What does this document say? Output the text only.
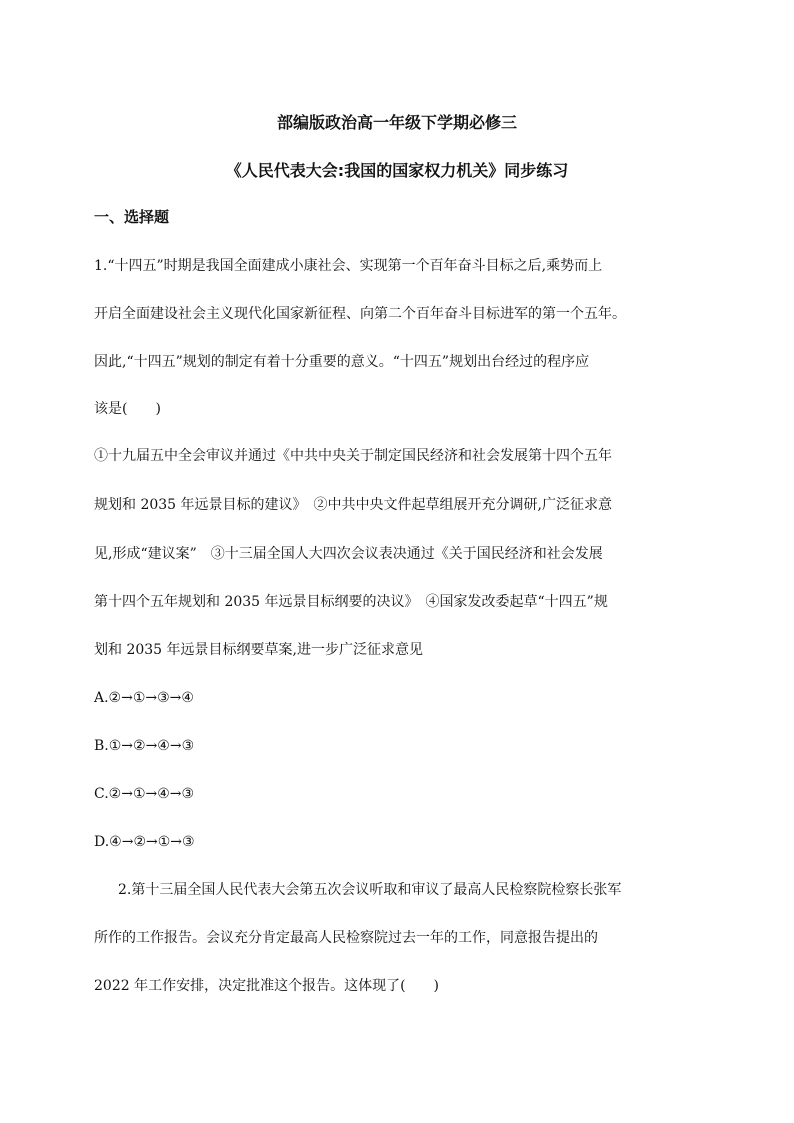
部编版政治高一年级下学期必修三
《人民代表大会:我国的国家权力机关》同步练习
一、选择题
1.“十四五”时期是我国全面建成小康社会、实现第一个百年奋斗目标之后,乘势而上
开启全面建设社会主义现代化国家新征程、向第二个百年奋斗目标进军的第一个五年。
因此,“十四五”规划的制定有着十分重要的意义。“十四五”规划出台经过的程序应
该是(　　)
①十九届五中全会审议并通过《中共中央关于制定国民经济和社会发展第十四个五年
规划和 2035 年远景目标的建议》　②中共中央文件起草组展开充分调研,广泛征求意
见,形成“建议案”　③十三届全国人大四次会议表决通过《关于国民经济和社会发展
第十四个五年规划和 2035 年远景目标纲要的决议》　④国家发改委起草“十四五”规
划和 2035 年远景目标纲要草案,进一步广泛征求意见
A.②→①→③→④
B.①→②→④→③
C.②→①→④→③
D.④→②→①→③
2.第十三届全国人民代表大会第五次会议听取和审议了最高人民检察院检察长张军
所作的工作报告。会议充分肯定最高人民检察院过去一年的工作，同意报告提出的
2022 年工作安排，决定批准这个报告。这体现了(　　)
